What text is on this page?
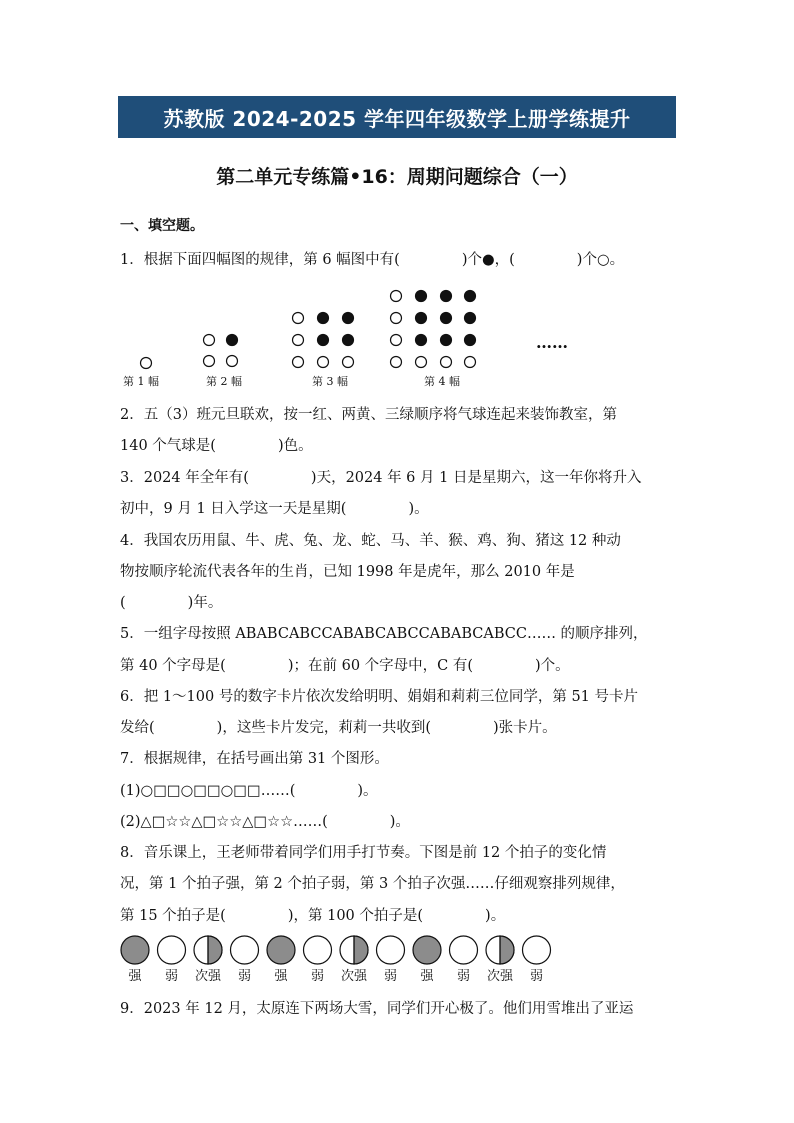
苏教版 2024-2025 学年四年级数学上册学练提升
第二单元专练篇•16：周期问题综合（一）
一、填空题。
1．根据下面四幅图的规律，第 6 幅图中有(	)个●，(	)个○。
第 1 幅	第 2 幅	第 3 幅	第 4 幅
……
2．五（3）班元旦联欢，按一红、两黄、三绿顺序将气球连起来装饰教室，第
140 个气球是(	)色。
3．2024 年全年有(	)天，2024 年 6 月 1 日是星期六，这一年你将升入
初中，9 月 1 日入学这一天是星期(	)。
4．我国农历用鼠、牛、虎、兔、龙、蛇、马、羊、猴、鸡、狗、猪这 12 种动
物按顺序轮流代表各年的生肖，已知 1998 年是虎年，那么 2010 年是
(	)年。
5．一组字母按照 ABABCABCCABABCABCCABABCABCC…… 的顺序排列，
第 40 个字母是(	)；在前 60 个字母中，C 有(	)个。
6．把 1～100 号的数字卡片依次发给明明、娟娟和莉莉三位同学，第 51 号卡片
发给(	)，这些卡片发完，莉莉一共收到(	)张卡片。
7．根据规律，在括号画出第 31 个图形。
(1)○□□○□□○□□……(	)。
(2)△□☆☆△□☆☆△□☆☆……(	)。
8．音乐课上，王老师带着同学们用手打节奏。下图是前 12 个拍子的变化情
况，第 1 个拍子强，第 2 个拍子弱，第 3 个拍子次强……仔细观察排列规律，
第 15 个拍子是(	)，第 100 个拍子是(	)。
强 弱 次强 弱 强 弱 次强 弱 强 弱 次强 弱
9．2023 年 12 月，太原连下两场大雪，同学们开心极了。他们用雪堆出了亚运
